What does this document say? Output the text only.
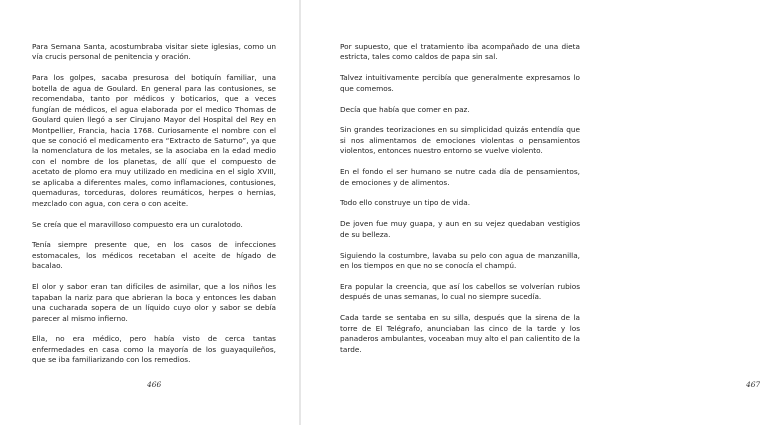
Para Semana Santa, acostumbraba visitar siete iglesias, como un vía crucis personal de penitencia y oración.

Para los golpes, sacaba presurosa del botiquín familiar, una botella de agua de Goulard. En general para las contusiones, se recomendaba, tanto por médicos y boticarios, que a veces fungían de médicos, el agua elaborada por el medico Thomas de Goulard quien llegó a ser Cirujano Mayor del Hospital del Rey en Montpellier, Francia, hacia 1768. Curiosamente el nombre con el que se conoció el medicamento era “Extracto de Saturno”, ya que la nomenclatura de los metales, se la asociaba en la edad medio con el nombre de los planetas, de allí que el compuesto de acetato de plomo era muy utilizado en medicina en el siglo XVIII, se aplicaba a diferentes males, como inflamaciones, contusiones, quemaduras, torceduras, dolores reumáticos, herpes o hernias, mezclado con agua, con cera o con aceite.

Se creía que el maravilloso compuesto era un curalotodo.

Tenía siempre presente que, en los casos de infecciones estomacales, los médicos recetaban el aceite de hígado de bacalao.

El olor y sabor eran tan difíciles de asimilar, que a los niños les tapaban la nariz para que abrieran la boca y entonces les daban una cucharada sopera de un líquido cuyo olor y sabor se debía parecer al mismo infierno.

Ella, no era médico, pero había visto de cerca tantas enfermedades en casa como la mayoría de los guayaquileños, que se iba familiarizando con los remedios.

466	467

Por supuesto, que el tratamiento iba acompañado de una dieta estricta, tales como caldos de papa sin sal.

Talvez intuitivamente percibía que generalmente expresamos lo que comemos.

Decía que había que comer en paz.

Sin grandes teorizaciones en su simplicidad quizás entendía que si nos alimentamos de emociones violentas o pensamientos violentos, entonces nuestro entorno se vuelve violento.

En el fondo el ser humano se nutre cada día de pensamientos, de emociones y de alimentos.

Todo ello construye un tipo de vida.

De joven fue muy guapa, y aun en su vejez quedaban vestigios de su belleza.

Siguiendo la costumbre, lavaba su pelo con agua de manzanilla, en los tiempos en que no se conocía el champú.

Era popular la creencia, que así los cabellos se volverían rubios después de unas semanas, lo cual no siempre sucedía.

Cada tarde se sentaba en su silla, después que la sirena de la torre de El Telégrafo, anunciaban las cinco de la tarde y los panaderos ambulantes, voceaban muy alto el pan calientito de la tarde.
